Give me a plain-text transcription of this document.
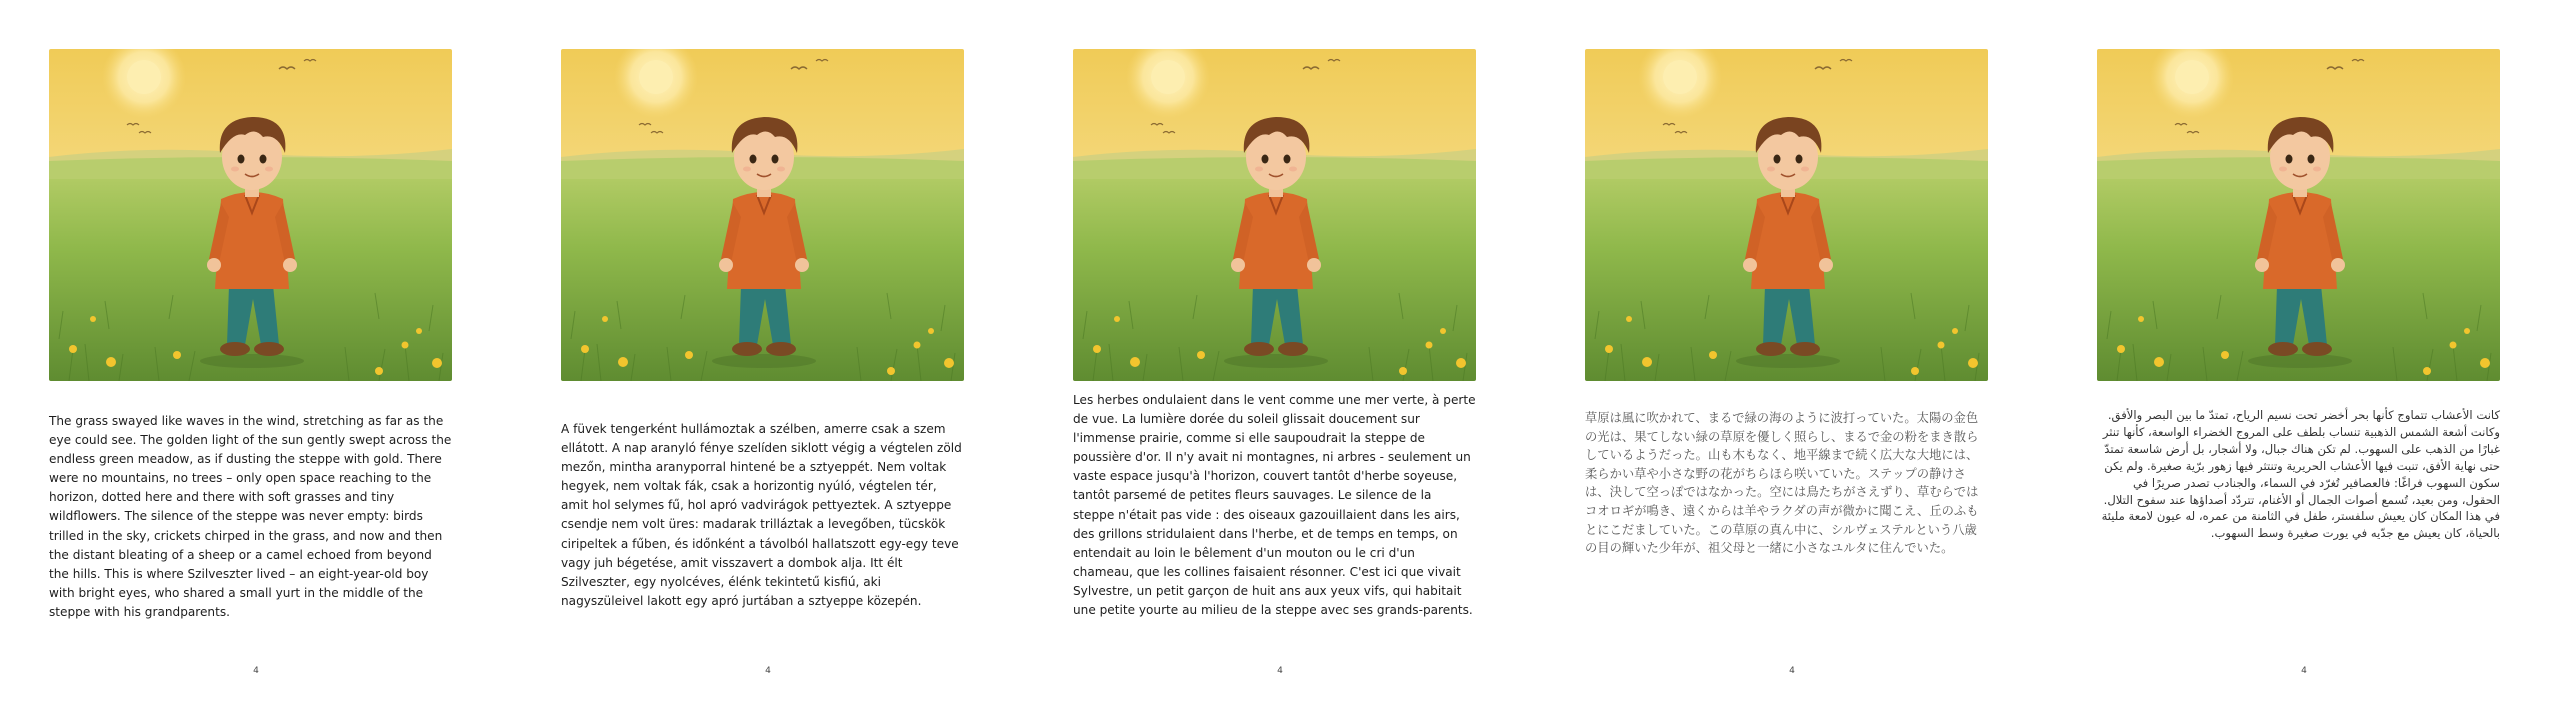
The grass swayed like waves in the wind, stretching as far as the eye could see. The golden light of the sun gently swept across the endless green meadow, as if dusting the steppe with gold. There were no mountains, no trees – only open space reaching to the horizon, dotted here and there with soft grasses and tiny wildflowers. The silence of the steppe was never empty: birds trilled in the sky, crickets chirped in the grass, and now and then the distant bleating of a sheep or a camel echoed from beyond the hills. This is where Szilveszter lived – an eight-year-old boy with bright eyes, who shared a small yurt in the middle of the steppe with his grandparents.
4
A füvek tengerként hullámoztak a szélben, amerre csak a szem ellátott. A nap aranyló fénye szelíden siklott végig a végtelen zöld mezőn, mintha aranyporral hintené be a sztyeppét. Nem voltak hegyek, nem voltak fák, csak a horizontig nyúló, végtelen tér, amit hol selymes fű, hol apró vadvirágok pettyeztek. A sztyeppe csendje nem volt üres: madarak trilláztak a levegőben, tücskök ciripeltek a fűben, és időnként a távolból hallatszott egy-egy teve vagy juh bégetése, amit visszavert a dombok alja. Itt élt Szilveszter, egy nyolcéves, élénk tekintetű kisfiú, aki nagyszüleivel lakott egy apró jurtában a sztyeppe közepén.
4
Les herbes ondulaient dans le vent comme une mer verte, à perte de vue. La lumière dorée du soleil glissait doucement sur l'immense prairie, comme si elle saupoudrait la steppe de poussière d'or. Il n'y avait ni montagnes, ni arbres - seulement un vaste espace jusqu'à l'horizon, couvert tantôt d'herbe soyeuse, tantôt parsemé de petites fleurs sauvages. Le silence de la steppe n'était pas vide : des oiseaux gazouillaient dans les airs, des grillons stridulaient dans l'herbe, et de temps en temps, on entendait au loin le bêlement d'un mouton ou le cri d'un chameau, que les collines faisaient résonner. C'est ici que vivait Sylvestre, un petit garçon de huit ans aux yeux vifs, qui habitait une petite yourte au milieu de la steppe avec ses grands-parents.
4
草原は風に吹かれて、まるで緑の海のように波打っていた。太陽の金色の光は、果てしない緑の草原を優しく照らし、まるで金の粉をまき散らしているようだった。山も木もなく、地平線まで続く広大な大地には、柔らかい草や小さな野の花がちらほら咲いていた。ステップの静けさは、決して空っぽではなかった。空には鳥たちがさえずり、草むらではコオロギが鳴き、遠くからは羊やラクダの声が微かに聞こえ、丘のふもとにこだましていた。この草原の真ん中に、シルヴェステルという八歳の目の輝いた少年が、祖父母と一緒に小さなユルタに住んでいた。
4
كانت الأعشاب تتماوج كأنها بحر أخضر تحت نسيم الرياح، تمتدّ ما بين البصر والأفق. وكانت أشعة الشمس الذهبية تنساب بلطف على المروج الخضراء الواسعة، كأنها تنثر غبارًا من الذهب على السهوب. لم تكن هناك جبال، ولا أشجار، بل أرض شاسعة تمتدّ حتى نهاية الأفق، تنبت فيها الأعشاب الحريرية وتنتثر فيها زهور برّية صغيرة. ولم يكن سكون السهوب فراغًا: فالعصافير تُغرّد في السماء، والجنادب تصدر صريرًا في الحقول، ومن بعيد، تُسمع أصوات الجمال أو الأغنام، تتردّد أصداؤها عند سفوح التلال. في هذا المكان كان يعيش سلفستر، طفل في الثامنة من عمره، له عيون لامعة مليئة بالحياة، كان يعيش مع جدّيه في يورت صغيرة وسط السهوب.
4
